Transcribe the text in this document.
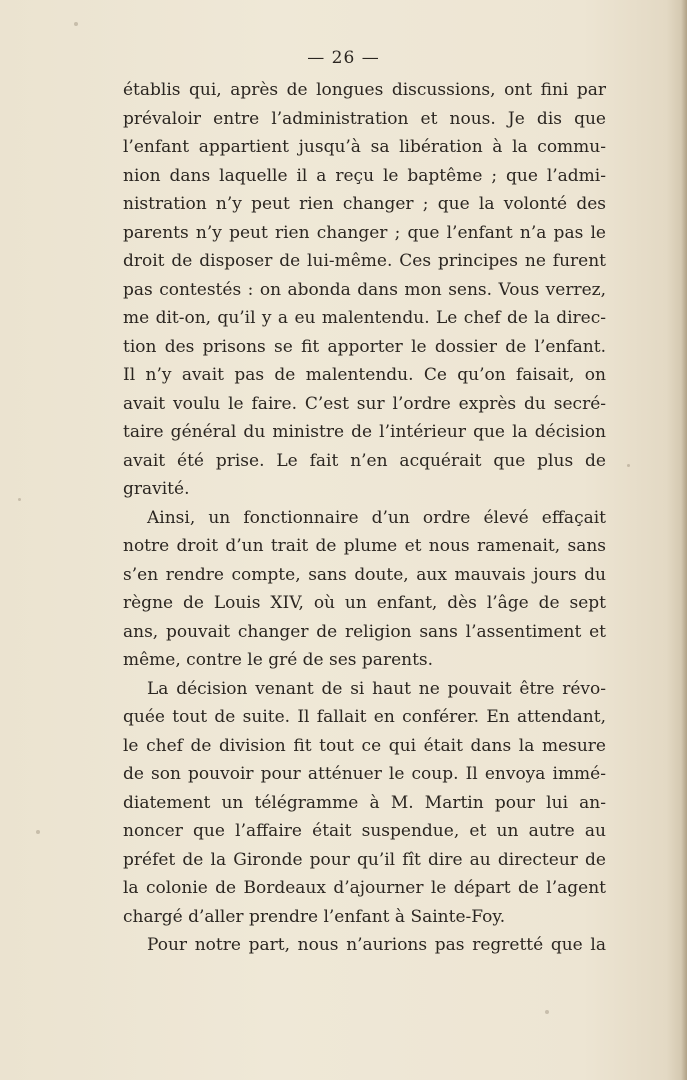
— 26 —
établis qui, après de longues discussions, ont fini par
prévaloir entre l’administration et nous. Je dis que
l’enfant appartient jusqu’à sa libération à la commu-
nion dans laquelle il a reçu le baptême ; que l’admi-
nistration n’y peut rien changer ; que la volonté des
parents n’y peut rien changer ; que l’enfant n’a pas le
droit de disposer de lui-même. Ces principes ne furent
pas contestés : on abonda dans mon sens. Vous verrez,
me dit-on, qu’il y a eu malentendu. Le chef de la direc-
tion des prisons se fit apporter le dossier de l’enfant.
Il n’y avait pas de malentendu. Ce qu’on faisait, on
avait voulu le faire. C’est sur l’ordre exprès du secré-
taire général du ministre de l’intérieur que la décision
avait été prise. Le fait n’en acquérait que plus de
gravité.
Ainsi, un fonctionnaire d’un ordre élevé effaçait
notre droit d’un trait de plume et nous ramenait, sans
s’en rendre compte, sans doute, aux mauvais jours du
règne de Louis XIV, où un enfant, dès l’âge de sept
ans, pouvait changer de religion sans l’assentiment et
même, contre le gré de ses parents.
La décision venant de si haut ne pouvait être révo-
quée tout de suite. Il fallait en conférer. En attendant,
le chef de division fit tout ce qui était dans la mesure
de son pouvoir pour atténuer le coup. Il envoya immé-
diatement un télégramme à M. Martin pour lui an-
noncer que l’affaire était suspendue, et un autre au
préfet de la Gironde pour qu’il fît dire au directeur de
la colonie de Bordeaux d’ajourner le départ de l’agent
chargé d’aller prendre l’enfant à Sainte-Foy.
Pour notre part, nous n’aurions pas regretté que la
